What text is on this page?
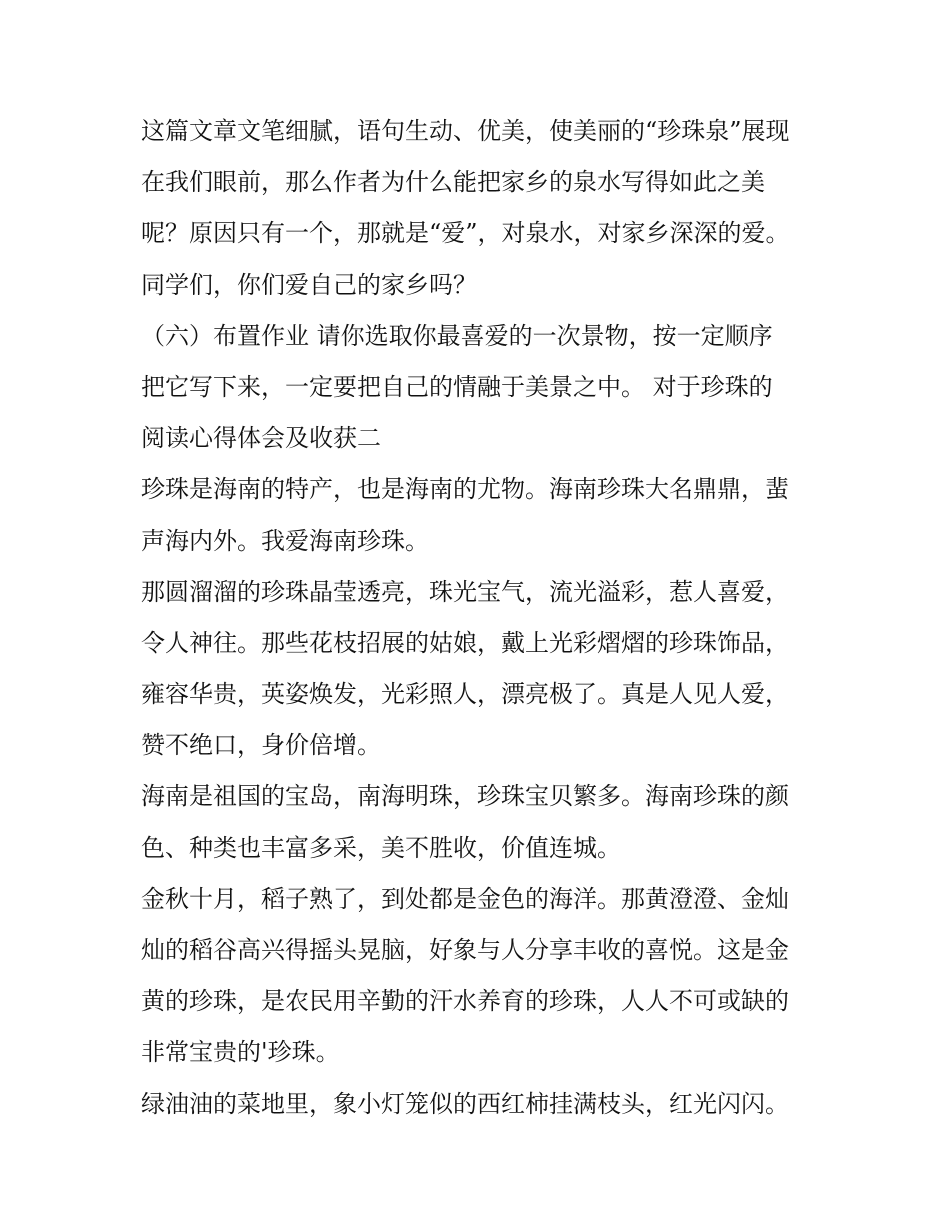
这篇文章文笔细腻，语句生动、优美，使美丽的“珍珠泉”展现
在我们眼前，那么作者为什么能把家乡的泉水写得如此之美
呢？原因只有一个，那就是“爱”，对泉水，对家乡深深的爱。
同学们，你们爱自己的家乡吗？
（六）布置作业 请你选取你最喜爱的一次景物，按一定顺序
把它写下来，一定要把自己的情融于美景之中。 对于珍珠的
阅读心得体会及收获二
珍珠是海南的特产，也是海南的尤物。海南珍珠大名鼎鼎，蜚
声海内外。我爱海南珍珠。
那圆溜溜的珍珠晶莹透亮，珠光宝气，流光溢彩，惹人喜爱，
令人神往。那些花枝招展的姑娘，戴上光彩熠熠的珍珠饰品，
雍容华贵，英姿焕发，光彩照人，漂亮极了。真是人见人爱，
赞不绝口，身价倍增。
海南是祖国的宝岛，南海明珠，珍珠宝贝繁多。海南珍珠的颜
色、种类也丰富多采，美不胜收，价值连城。
金秋十月，稻子熟了，到处都是金色的海洋。那黄澄澄、金灿
灿的稻谷高兴得摇头晃脑，好象与人分享丰收的喜悦。这是金
黄的珍珠，是农民用辛勤的汗水养育的珍珠，人人不可或缺的
非常宝贵的'珍珠。
绿油油的菜地里，象小灯笼似的西红柿挂满枝头，红光闪闪。
